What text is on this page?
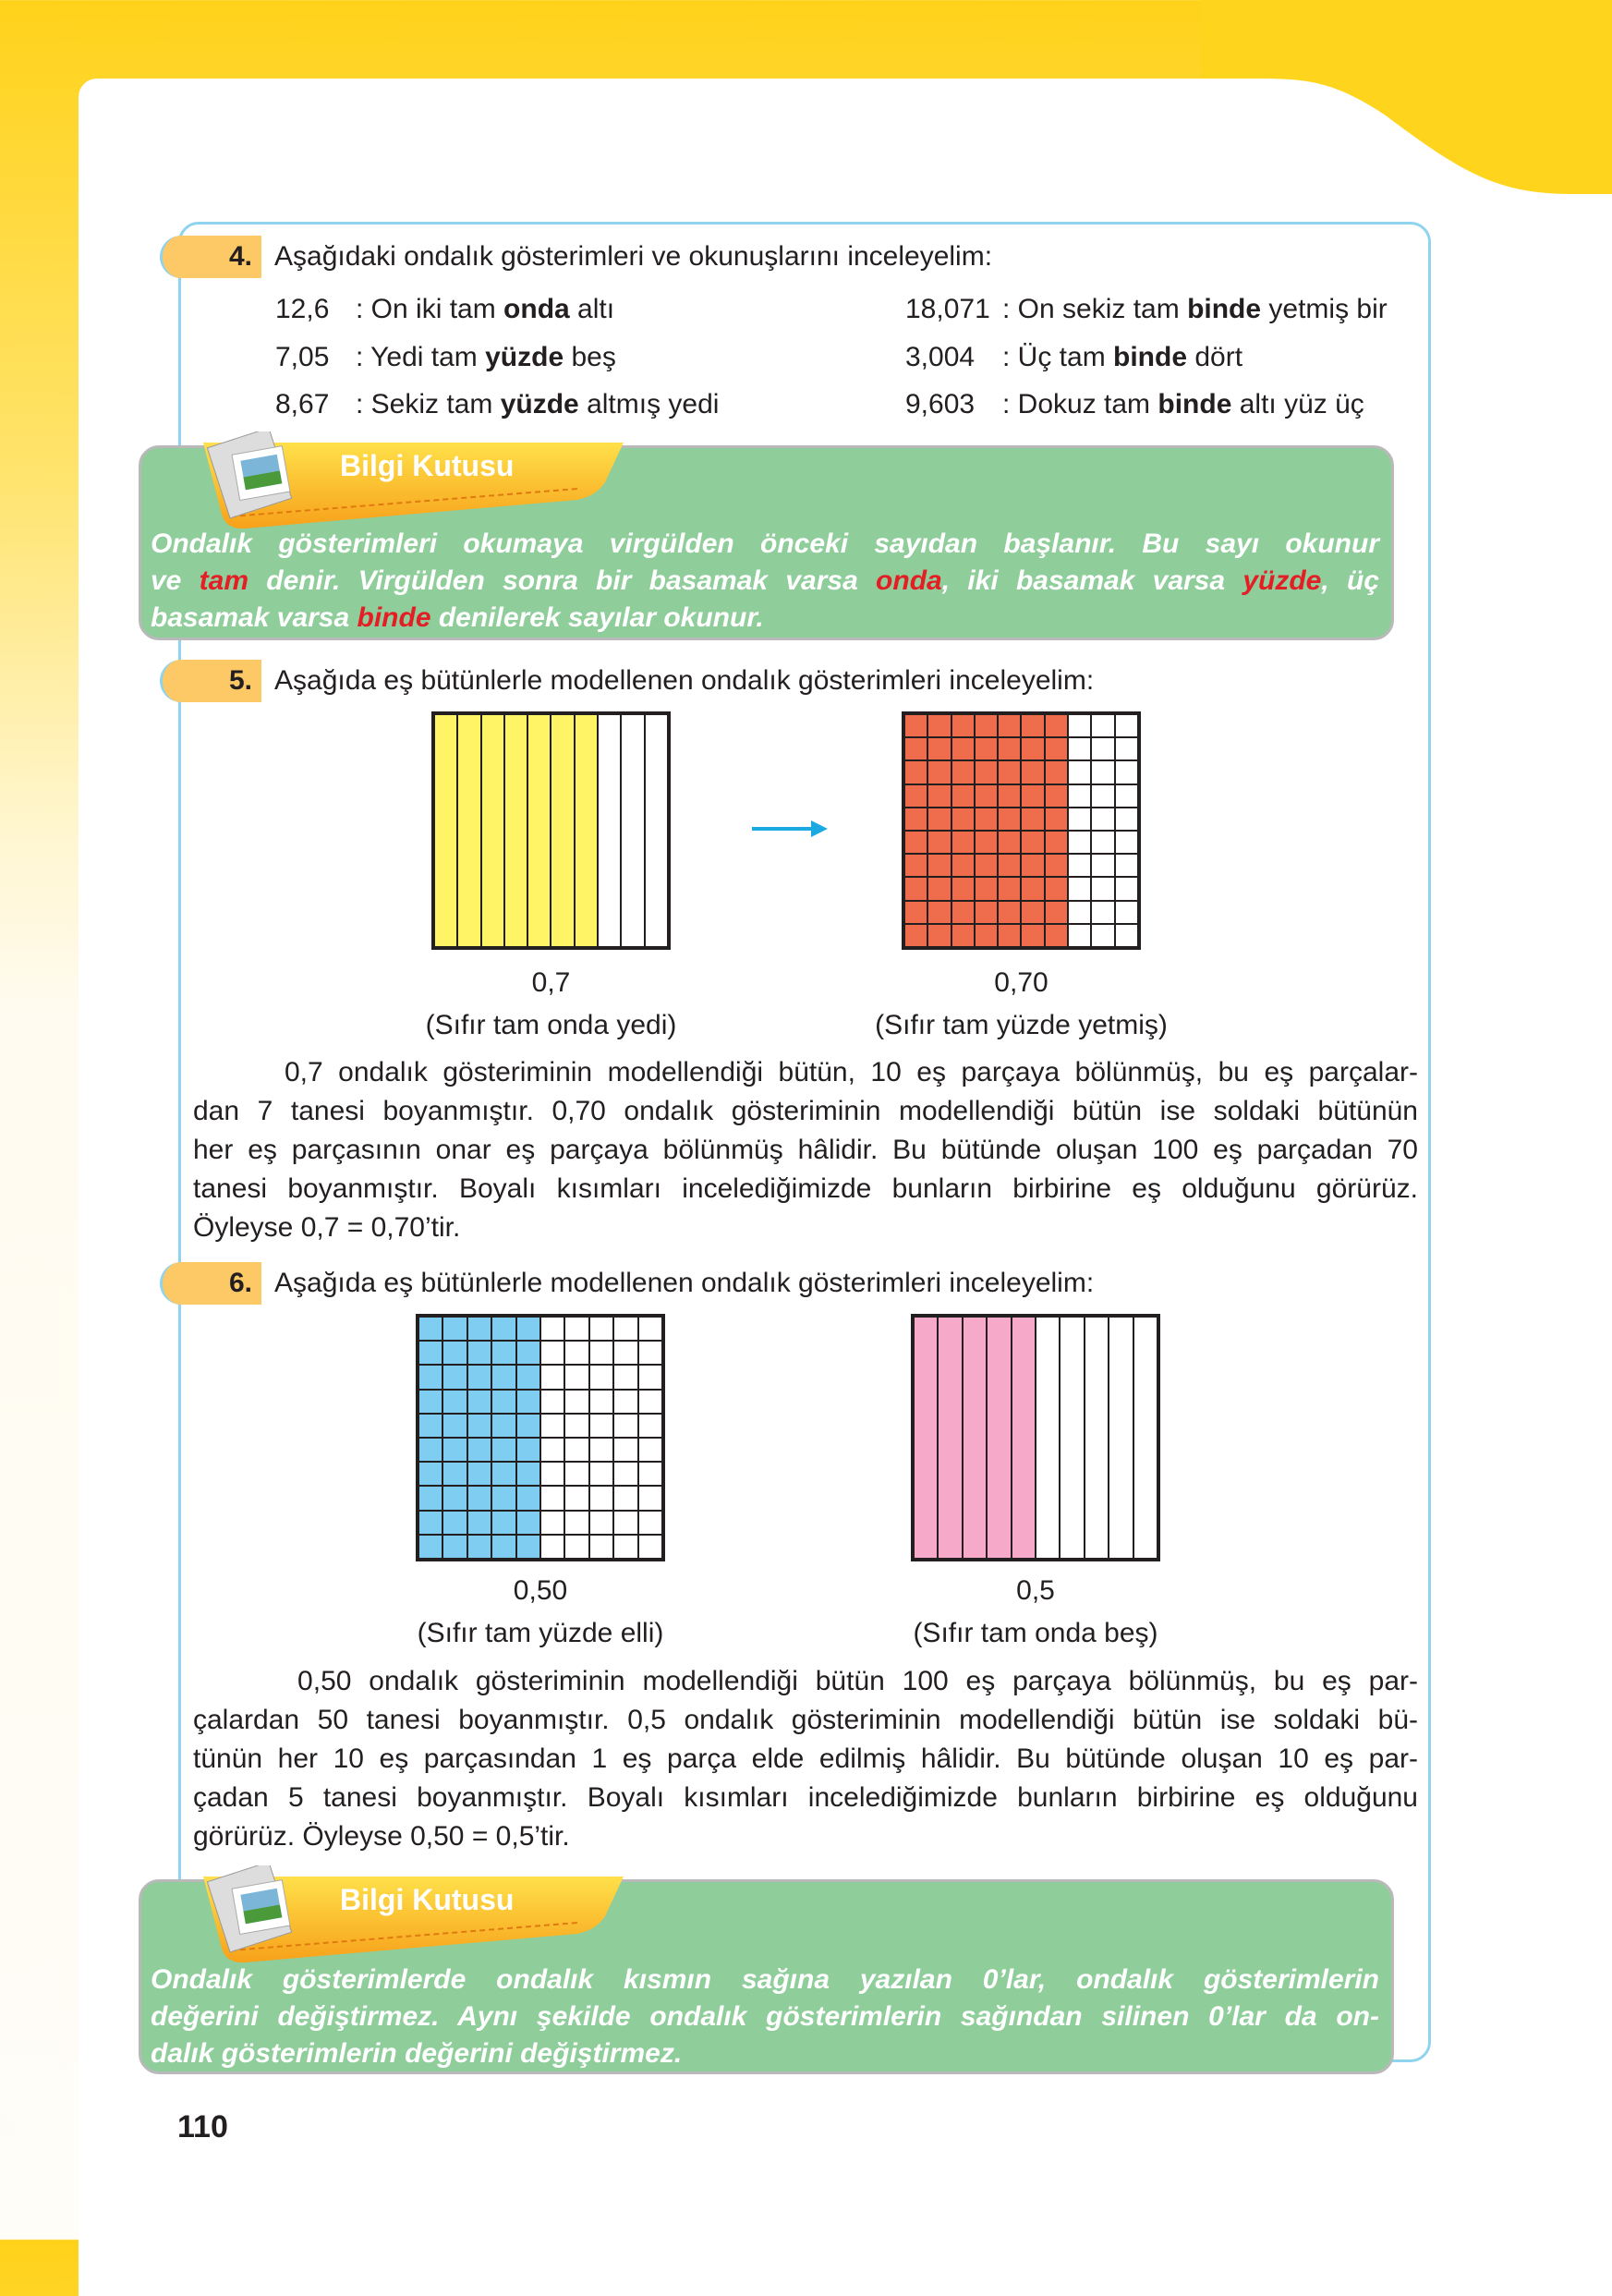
4. Aşağıdaki ondalık gösterimleri ve okunuşlarını inceleyelim:
5. Aşağıda eş bütünlerle modellenen ondalık gösterimleri inceleyelim:
6. Aşağıda eş bütünlerle modellenen ondalık gösterimleri inceleyelim:
110
12,6 : On iki tam onda altı
7,05 : Yedi tam yüzde beş
8,67 : Sekiz tam yüzde altmış yedi
18,071 : On sekiz tam binde yetmiş bir
3,004 : Üç tam binde dört
9,603 : Dokuz tam binde altı yüz üç
Bilgi Kutusu
Ondalık gösterimleri okumaya virgülden önceki sayıdan başlanır. Bu sayı okunur
ve tam denir. Virgülden sonra bir basamak varsa onda, iki basamak varsa yüzde, üç
basamak varsa binde denilerek sayılar okunur.
Bilgi Kutusu
Ondalık gösterimlerde ondalık kısmın sağına yazılan 0’lar, ondalık gösterimlerin
değerini değiştirmez. Aynı şekilde ondalık gösterimlerin sağından silinen 0’lar da on-
dalık gösterimlerin değerini değiştirmez.
0,7
(Sıfır tam onda yedi)
0,70
(Sıfır tam yüzde yetmiş)
0,50
(Sıfır tam yüzde elli)
0,5
(Sıfır tam onda beş)
0,7 ondalık gösteriminin modellendiği bütün, 10 eş parçaya bölünmüş, bu eş parçalar-
dan 7 tanesi boyanmıştır. 0,70 ondalık gösteriminin modellendiği bütün ise soldaki bütünün
her eş parçasının onar eş parçaya bölünmüş hâlidir. Bu bütünde oluşan 100 eş parçadan 70
tanesi boyanmıştır. Boyalı kısımları incelediğimizde bunların birbirine eş olduğunu görürüz.
Öyleyse 0,7 = 0,70’tir.
0,50 ondalık gösteriminin modellendiği bütün 100 eş parçaya bölünmüş, bu eş par-
çalardan 50 tanesi boyanmıştır. 0,5 ondalık gösteriminin modellendiği bütün ise soldaki bü-
tünün her 10 eş parçasından 1 eş parça elde edilmiş hâlidir. Bu bütünde oluşan 10 eş par-
çadan 5 tanesi boyanmıştır. Boyalı kısımları incelediğimizde bunların birbirine eş olduğunu
görürüz. Öyleyse 0,50 = 0,5’tir.
